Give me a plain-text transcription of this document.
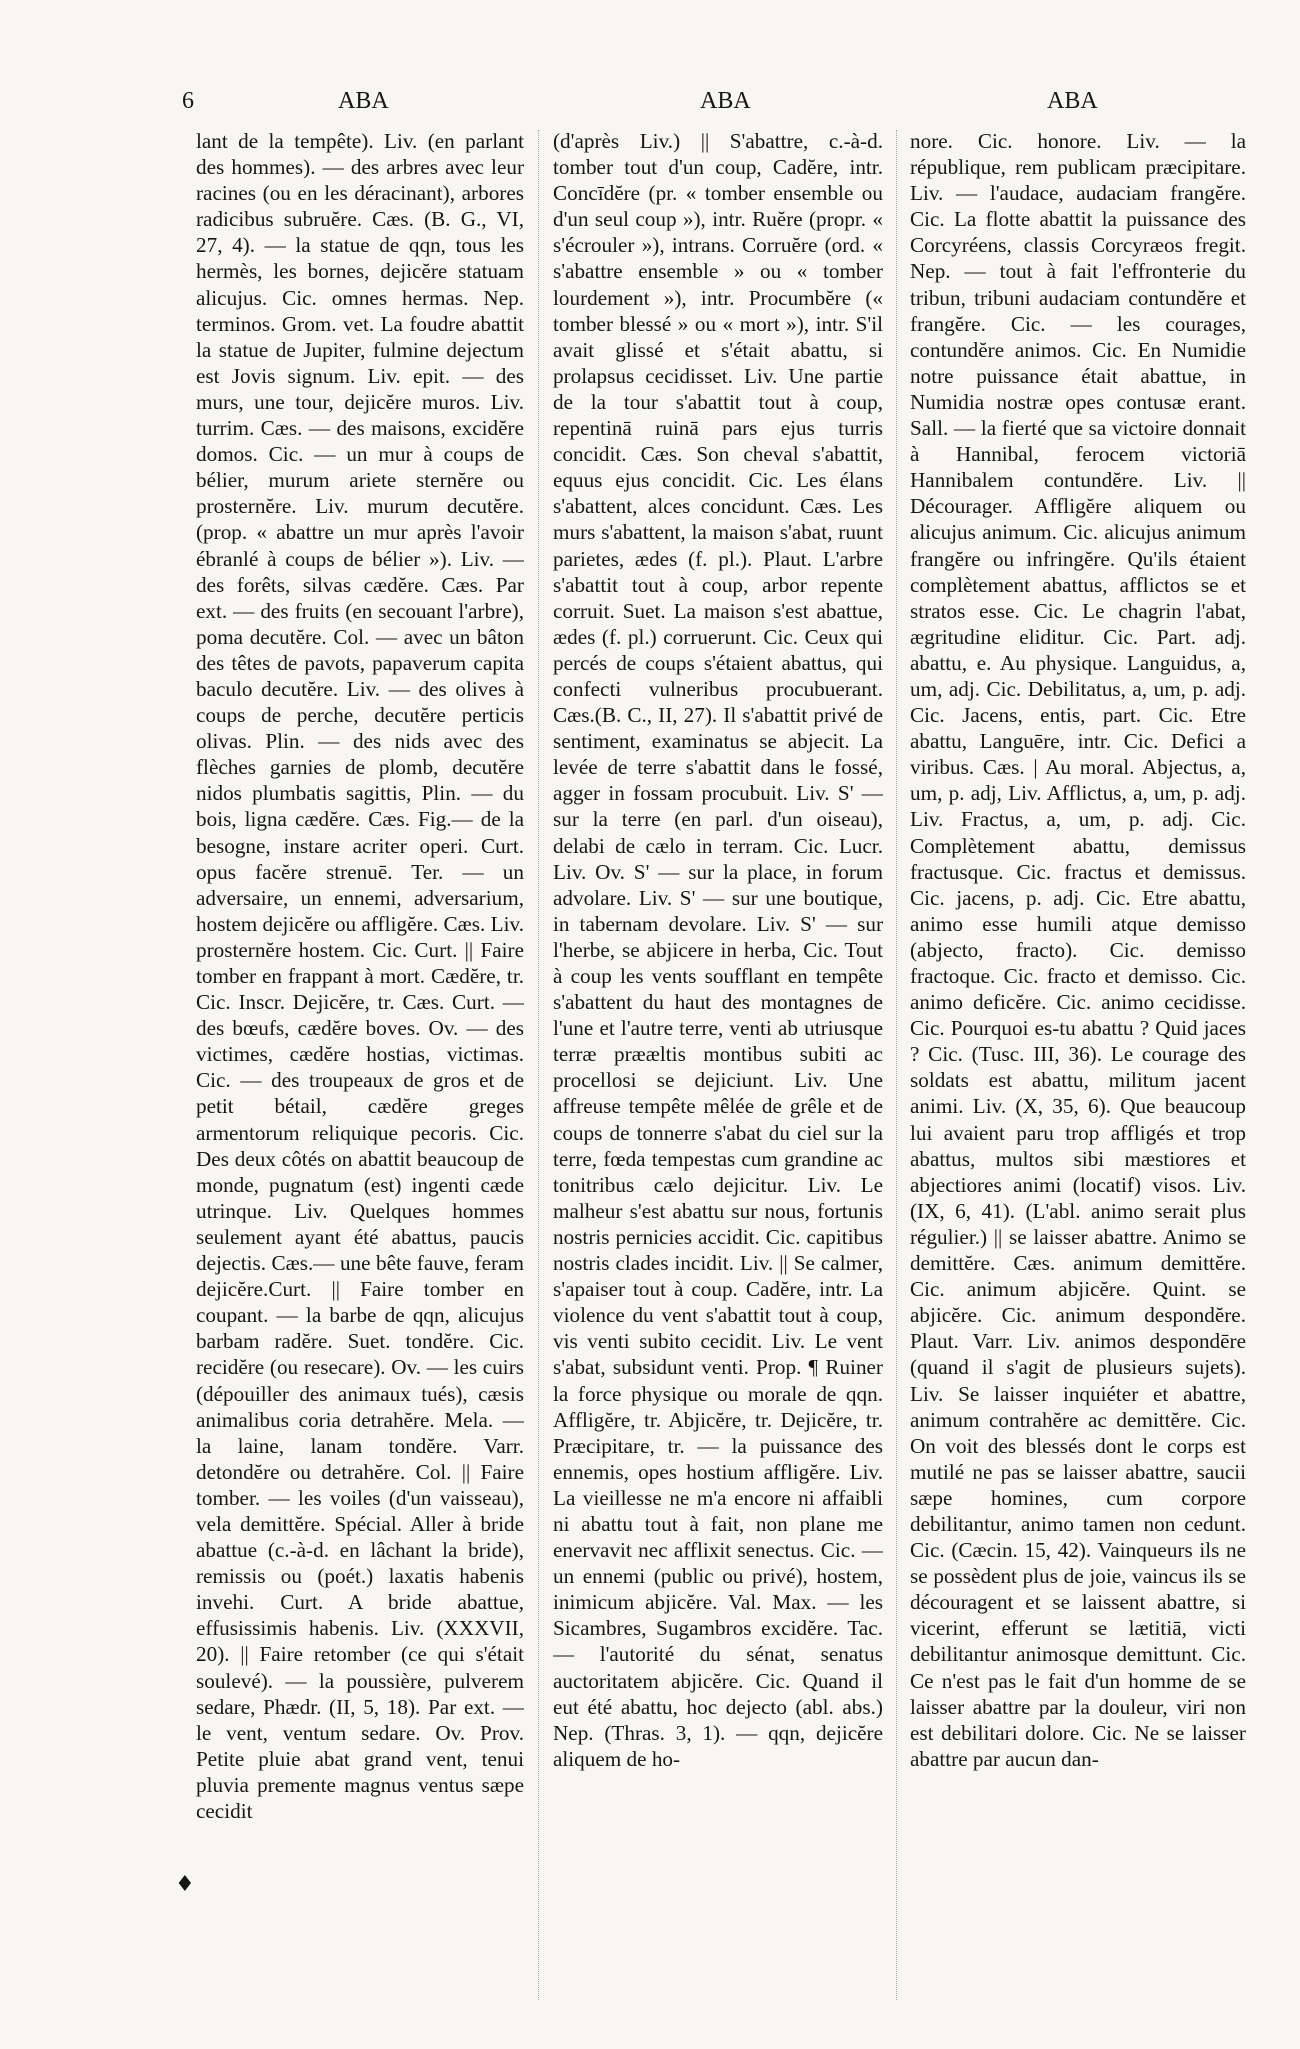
6	ABA	ABA	ABA

lant de la tempête). Liv. (en parlant des hommes). — des arbres avec leur racines (ou en les déracinant), arbores radicibus subruĕre. Cæs. (B. G., VI, 27, 4). — la statue de qqn, tous les hermès, les bornes, dejicĕre statuam alicujus. Cic. omnes hermas. Nep. terminos. Grom. vet. La foudre abattit la statue de Jupiter, fulmine dejectum est Jovis signum. Liv. epit. — des murs, une tour, dejicĕre muros. Liv. turrim. Cæs. — des maisons, excidĕre domos. Cic. — un mur à coups de bélier, murum ariete sternĕre ou prosternĕre. Liv. murum decutĕre. (prop. « abattre un mur après l'avoir ébranlé à coups de bélier »). Liv. — des forêts, silvas cædĕre. Cæs. Par ext. — des fruits (en secouant l'arbre), poma decutĕre. Col. — avec un bâton des têtes de pavots, papaverum capita baculo decutĕre. Liv. — des olives à coups de perche, decutĕre perticis olivas. Plin. — des nids avec des flèches garnies de plomb, decutĕre nidos plumbatis sagittis, Plin. — du bois, ligna cædĕre. Cæs. Fig.— de la besogne, instare acriter operi. Curt. opus facĕre strenuē. Ter. — un adversaire, un ennemi, adversarium, hostem dejicĕre ou affligĕre. Cæs. Liv. prosternĕre hostem. Cic. Curt. || Faire tomber en frappant à mort. Cædĕre, tr. Cic. Inscr. Dejicĕre, tr. Cæs. Curt. — des bœufs, cædĕre boves. Ov. — des victimes, cædĕre hostias, victimas. Cic. — des troupeaux de gros et de petit bétail, cædĕre greges armentorum reliquique pecoris. Cic. Des deux côtés on abattit beaucoup de monde, pugnatum (est) ingenti cæde utrinque. Liv. Quelques hommes seulement ayant été abattus, paucis dejectis. Cæs.— une bête fauve, feram dejicĕre.Curt. || Faire tomber en coupant. — la barbe de qqn, alicujus barbam radĕre. Suet. tondĕre. Cic. recidĕre (ou resecare). Ov. — les cuirs (dépouiller des animaux tués), cæsis animalibus coria detrahĕre. Mela. — la laine, lanam tondĕre. Varr. detondĕre ou detrahĕre. Col. || Faire tomber. — les voiles (d'un vaisseau), vela demittĕre. Spécial. Aller à bride abattue (c.-à-d. en lâchant la bride), remissis ou (poét.) laxatis habenis invehi. Curt. A bride abattue, effusissimis habenis. Liv. (XXXVII, 20). || Faire retomber (ce qui s'était soulevé). — la poussière, pulverem sedare, Phædr. (II, 5, 18). Par ext. — le vent, ventum sedare. Ov. Prov. Petite pluie abat grand vent, tenui pluvia premente magnus ventus sæpe cecidit

(d'après Liv.) || S'abattre, c.-à-d. tomber tout d'un coup, Cadĕre, intr. Concīdĕre (pr. « tomber ensemble ou d'un seul coup »), intr. Ruĕre (propr. « s'écrouler »), intrans. Corruĕre (ord. « s'abattre ensemble » ou « tomber lourdement »), intr. Procumbĕre (« tomber blessé » ou « mort »), intr. S'il avait glissé et s'était abattu, si prolapsus cecidisset. Liv. Une partie de la tour s'abattit tout à coup, repentinā ruinā pars ejus turris concidit. Cæs. Son cheval s'abattit, equus ejus concidit. Cic. Les élans s'abattent, alces concidunt. Cæs. Les murs s'abattent, la maison s'abat, ruunt parietes, ædes (f. pl.). Plaut. L'arbre s'abattit tout à coup, arbor repente corruit. Suet. La maison s'est abattue, ædes (f. pl.) corruerunt. Cic. Ceux qui percés de coups s'étaient abattus, qui confecti vulneribus procubuerant. Cæs.(B. C., II, 27). Il s'abattit privé de sentiment, examinatus se abjecit. La levée de terre s'abattit dans le fossé, agger in fossam procubuit. Liv. S' — sur la terre (en parl. d'un oiseau), delabi de cælo in terram. Cic. Lucr. Liv. Ov. S' — sur la place, in forum advolare. Liv. S' — sur une boutique, in tabernam devolare. Liv. S' — sur l'herbe, se abjicere in herba, Cic. Tout à coup les vents soufflant en tempête s'abattent du haut des montagnes de l'une et l'autre terre, venti ab utriusque terræ prææltis montibus subiti ac procellosi se dejiciunt. Liv. Une affreuse tempête mêlée de grêle et de coups de tonnerre s'abat du ciel sur la terre, fœda tempestas cum grandine ac tonitribus cælo dejicitur. Liv. Le malheur s'est abattu sur nous, fortunis nostris pernicies accidit. Cic. capitibus nostris clades incidit. Liv. || Se calmer, s'apaiser tout à coup. Cadĕre, intr. La violence du vent s'abattit tout à coup, vis venti subito cecidit. Liv. Le vent s'abat, subsidunt venti. Prop. ¶ Ruiner la force physique ou morale de qqn. Affligĕre, tr. Abjicĕre, tr. Dejicĕre, tr. Præcipitare, tr. — la puissance des ennemis, opes hostium affligĕre. Liv. La vieillesse ne m'a encore ni affaibli ni abattu tout à fait, non plane me enervavit nec afflixit senectus. Cic. — un ennemi (public ou privé), hostem, inimicum abjicĕre. Val. Max. — les Sicambres, Sugambros excidĕre. Tac. — l'autorité du sénat, senatus auctoritatem abjicĕre. Cic. Quand il eut été abattu, hoc dejecto (abl. abs.) Nep. (Thras. 3, 1). — qqn, dejicĕre aliquem de ho-

nore. Cic. honore. Liv. — la république, rem publicam præcipitare. Liv. — l'audace, audaciam frangĕre. Cic. La flotte abattit la puissance des Corcyréens, classis Corcyræos fregit. Nep. — tout à fait l'effronterie du tribun, tribuni audaciam contundĕre et frangĕre. Cic. — les courages, contundĕre animos. Cic. En Numidie notre puissance était abattue, in Numidia nostræ opes contusæ erant. Sall. — la fierté que sa victoire donnait à Hannibal, ferocem victoriā Hannibalem contundĕre. Liv. || Décourager. Affligĕre aliquem ou alicujus animum. Cic. alicujus animum frangĕre ou infringĕre. Qu'ils étaient complètement abattus, afflictos se et stratos esse. Cic. Le chagrin l'abat, ægritudine eliditur. Cic. Part. adj. abattu, e. Au physique. Languidus, a, um, adj. Cic. Debilitatus, a, um, p. adj. Cic. Jacens, entis, part. Cic. Etre abattu, Languēre, intr. Cic. Defici a viribus. Cæs. | Au moral. Abjectus, a, um, p. adj, Liv. Afflictus, a, um, p. adj. Liv. Fractus, a, um, p. adj. Cic. Complètement abattu, demissus fractusque. Cic. fractus et demissus. Cic. jacens, p. adj. Cic. Etre abattu, animo esse humili atque demisso (abjecto, fracto). Cic. demisso fractoque. Cic. fracto et demisso. Cic. animo deficĕre. Cic. animo cecidisse. Cic. Pourquoi es-tu abattu ? Quid jaces ? Cic. (Tusc. III, 36). Le courage des soldats est abattu, militum jacent animi. Liv. (X, 35, 6). Que beaucoup lui avaient paru trop affligés et trop abattus, multos sibi mæstiores et abjectiores animi (locatif) visos. Liv. (IX, 6, 41). (L'abl. animo serait plus régulier.) || se laisser abattre. Animo se demittĕre. Cæs. animum demittĕre. Cic. animum abjicĕre. Quint. se abjicĕre. Cic. animum despondĕre. Plaut. Varr. Liv. animos despondēre (quand il s'agit de plusieurs sujets). Liv. Se laisser inquiéter et abattre, animum contrahĕre ac demittĕre. Cic. On voit des blessés dont le corps est mutilé ne pas se laisser abattre, saucii sæpe homines, cum corpore debilitantur, animo tamen non cedunt. Cic. (Cæcin. 15, 42). Vainqueurs ils ne se possèdent plus de joie, vaincus ils se découragent et se laissent abattre, si vicerint, efferunt se lætitiā, victi debilitantur animosque demittunt. Cic. Ce n'est pas le fait d'un homme de se laisser abattre par la douleur, viri non est debilitari dolore. Cic. Ne se laisser abattre par aucun dan-

♦
